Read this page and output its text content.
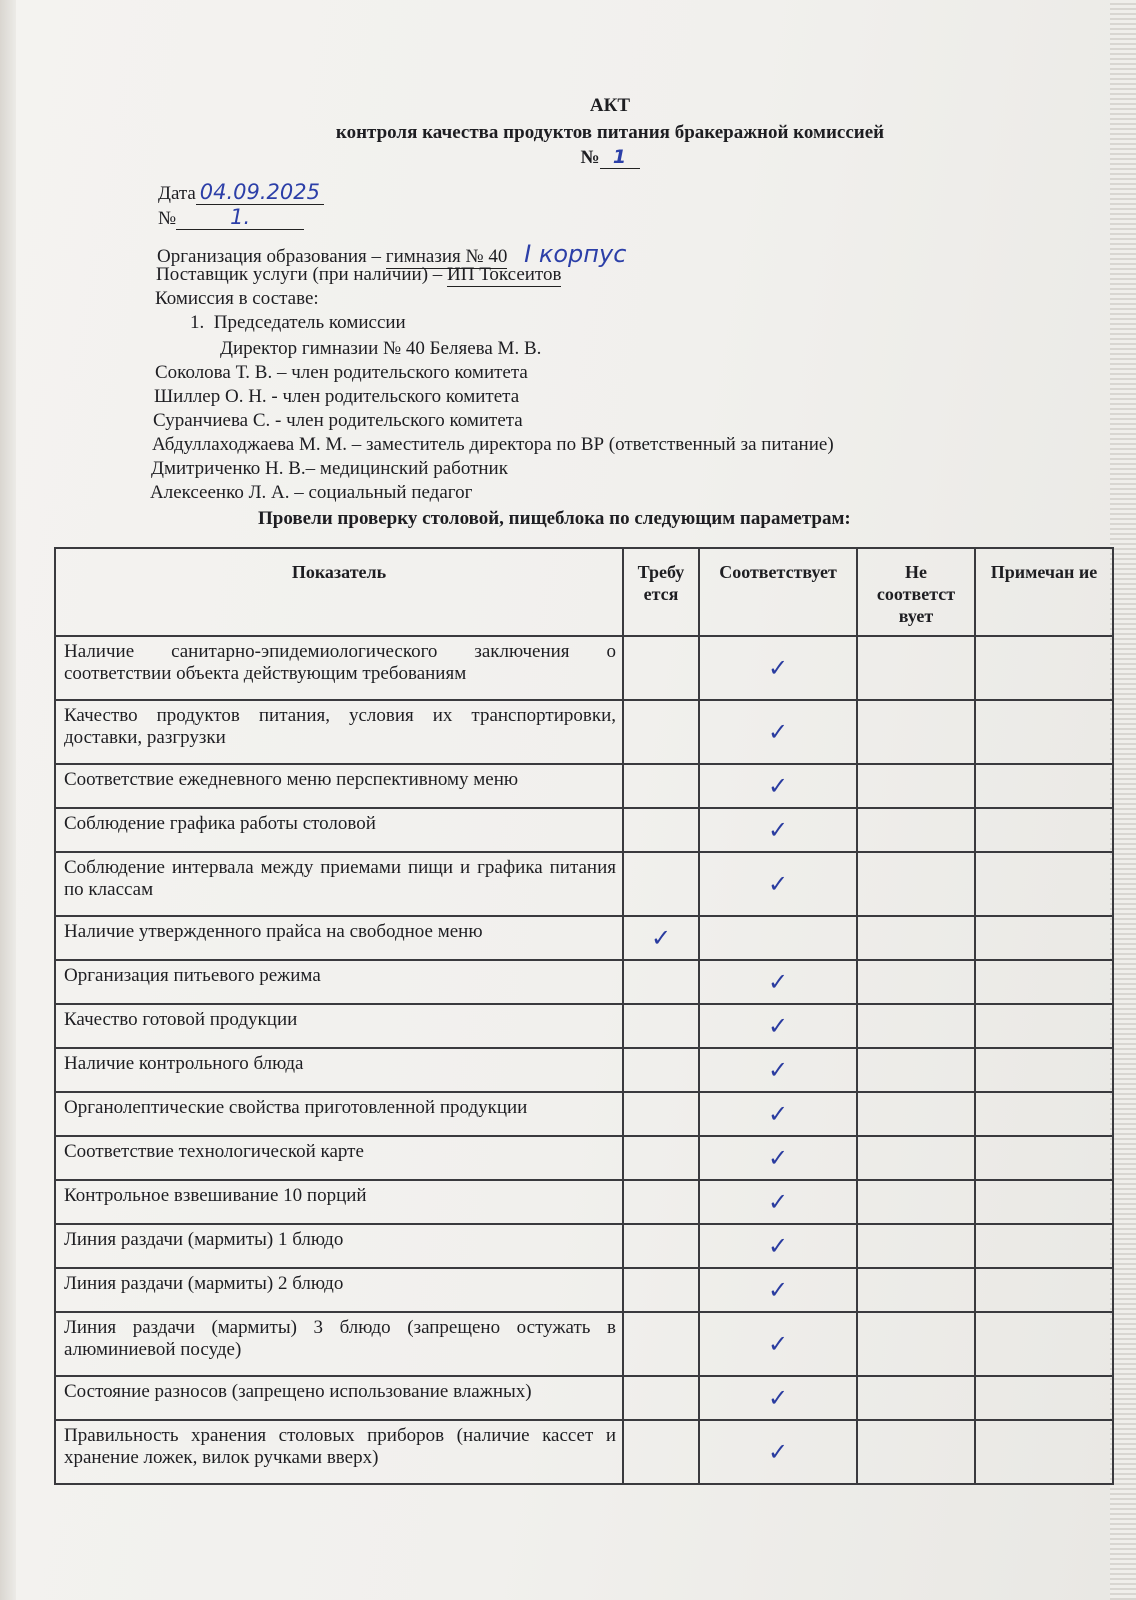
АКТ
контроля качества продуктов питания бракеражной комиссией
№ 1
Дата 04.09.2025
№	1.
Организация образования – гимназия № 40 I корпус
Поставщик услуги (при наличии) – ИП Токсеитов
Комиссия в составе:
1.  Председатель комиссии
Директор гимназии № 40 Беляева М. В.
Соколова Т. В. – член родительского комитета
Шиллер О. Н. - член родительского комитета
Суранчиева С. - член родительского комитета
Абдуллаходжаева М. М. – заместитель директора по ВР (ответственный за питание)
Дмитриченко Н. В.– медицинский работник
Алексеенко Л. А. – социальный педагог
Провели проверку столовой, пищеблока по следующим параметрам:
Показатель	Требу ется	Соответствует	Не соответст вует	Примечан ие
Наличие санитарно-эпидемиологического заключения о соответствии объекта действующим требованиям		✓		
Качество продуктов питания, условия их транспортировки, доставки, разгрузки		✓		
Соответствие ежедневного меню перспективному меню		✓		
Соблюдение графика работы столовой		✓		
Соблюдение интервала между приемами пищи и графика питания по классам		✓		
Наличие утвержденного прайса на свободное меню	✓			
Организация питьевого режима		✓		
Качество готовой продукции		✓		
Наличие контрольного блюда		✓		
Органолептические свойства приготовленной продукции		✓		
Соответствие технологической карте		✓		
Контрольное взвешивание 10 порций		✓		
Линия раздачи (мармиты) 1 блюдо		✓		
Линия раздачи (мармиты) 2 блюдо		✓		
Линия раздачи (мармиты) 3 блюдо (запрещено остужать в алюминиевой посуде)		✓		
Состояние разносов (запрещено использование влажных)		✓		
Правильность хранения столовых приборов (наличие кассет и хранение ложек, вилок ручками вверх)		✓		
